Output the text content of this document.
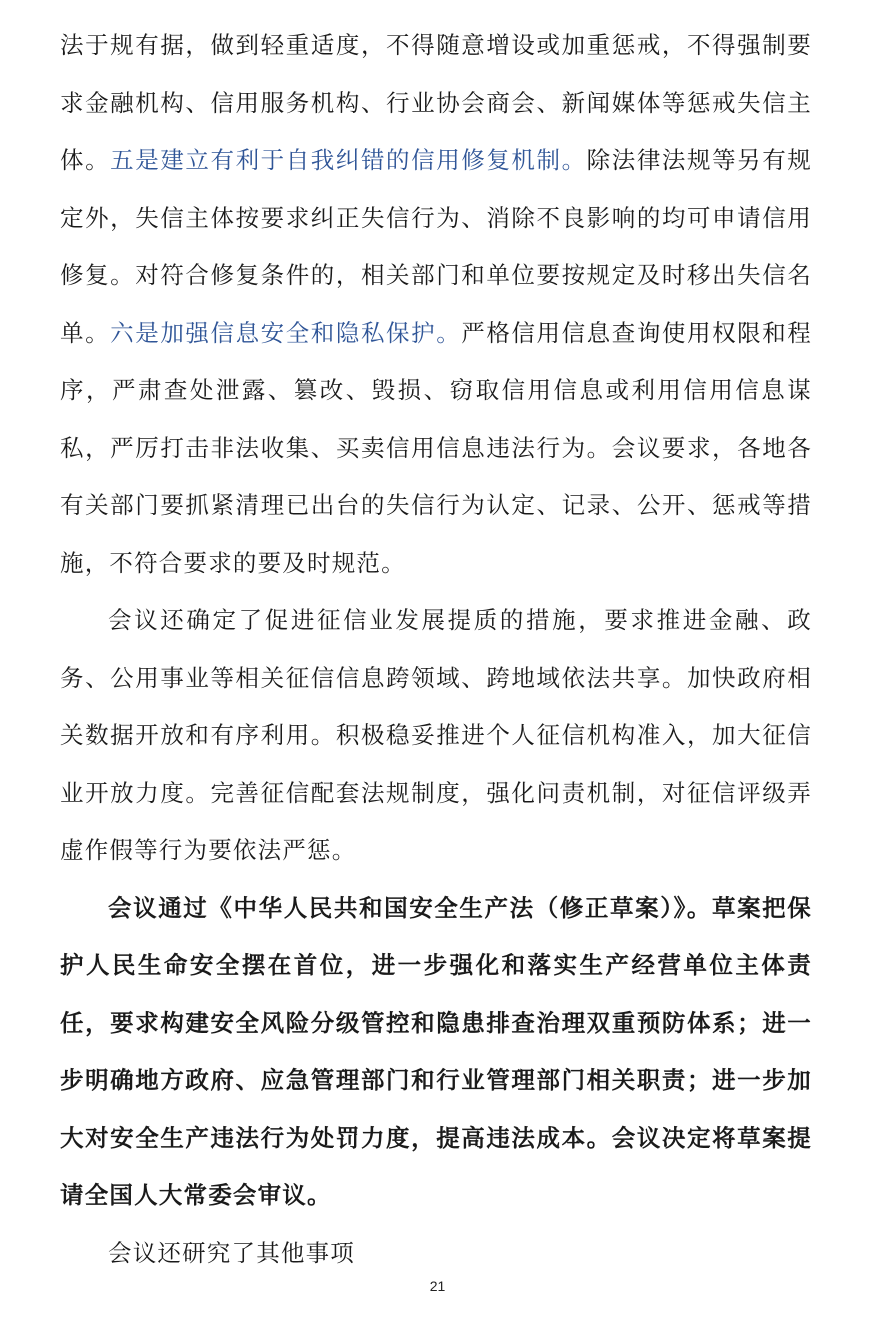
法于规有据，做到轻重适度，不得随意增设或加重惩戒，不得强制要求金融机构、信用服务机构、行业协会商会、新闻媒体等惩戒失信主体。五是建立有利于自我纠错的信用修复机制。除法律法规等另有规定外，失信主体按要求纠正失信行为、消除不良影响的均可申请信用修复。对符合修复条件的，相关部门和单位要按规定及时移出失信名单。六是加强信息安全和隐私保护。严格信用信息查询使用权限和程序，严肃查处泄露、篡改、毁损、窃取信用信息或利用信用信息谋私，严厉打击非法收集、买卖信用信息违法行为。会议要求，各地各有关部门要抓紧清理已出台的失信行为认定、记录、公开、惩戒等措施，不符合要求的要及时规范。

会议还确定了促进征信业发展提质的措施，要求推进金融、政务、公用事业等相关征信信息跨领域、跨地域依法共享。加快政府相关数据开放和有序利用。积极稳妥推进个人征信机构准入，加大征信业开放力度。完善征信配套法规制度，强化问责机制，对征信评级弄虚作假等行为要依法严惩。

会议通过《中华人民共和国安全生产法（修正草案）》。草案把保护人民生命安全摆在首位，进一步强化和落实生产经营单位主体责任，要求构建安全风险分级管控和隐患排查治理双重预防体系；进一步明确地方政府、应急管理部门和行业管理部门相关职责；进一步加大对安全生产违法行为处罚力度，提高违法成本。会议决定将草案提请全国人大常委会审议。

会议还研究了其他事项

21
